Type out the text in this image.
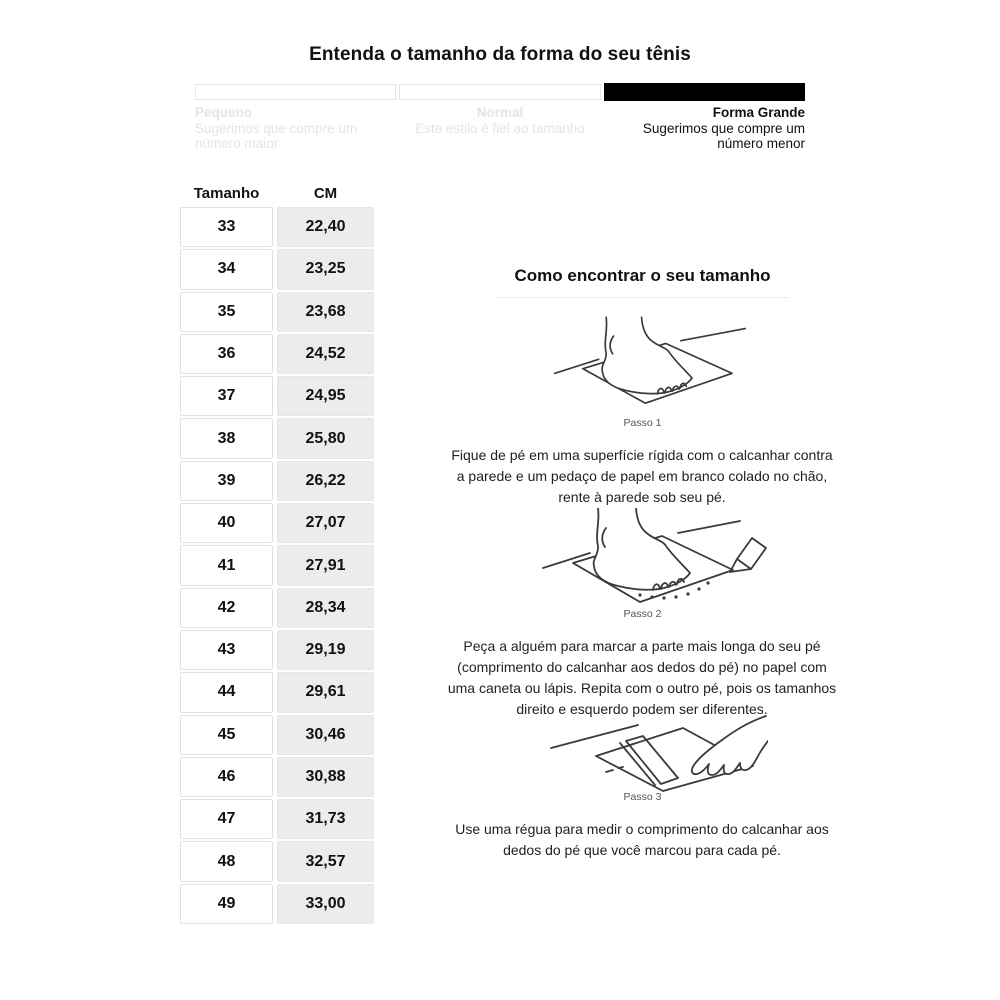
Entenda o tamanho da forma do seu tênis
Pequeno
Sugerimos que compre um número maior
Normal
Este estilo é fiel ao tamanho
Forma Grande
Sugerimos que compre um número menor
Tamanho	CM
33	22,40
34	23,25
35	23,68
36	24,52
37	24,95
38	25,80
39	26,22
40	27,07
41	27,91
42	28,34
43	29,19
44	29,61
45	30,46
46	30,88
47	31,73
48	32,57
49	33,00
Como encontrar o seu tamanho
Passo 1

Fique de pé em uma superfície rígida com o calcanhar contra a parede e um pedaço de papel em branco colado no chão, rente à parede sob seu pé.

Passo 2

Peça a alguém para marcar a parte mais longa do seu pé (comprimento do calcanhar aos dedos do pé) no papel com uma caneta ou lápis. Repita com o outro pé, pois os tamanhos direito e esquerdo podem ser diferentes.

Passo 3

Use uma régua para medir o comprimento do calcanhar aos dedos do pé que você marcou para cada pé.
